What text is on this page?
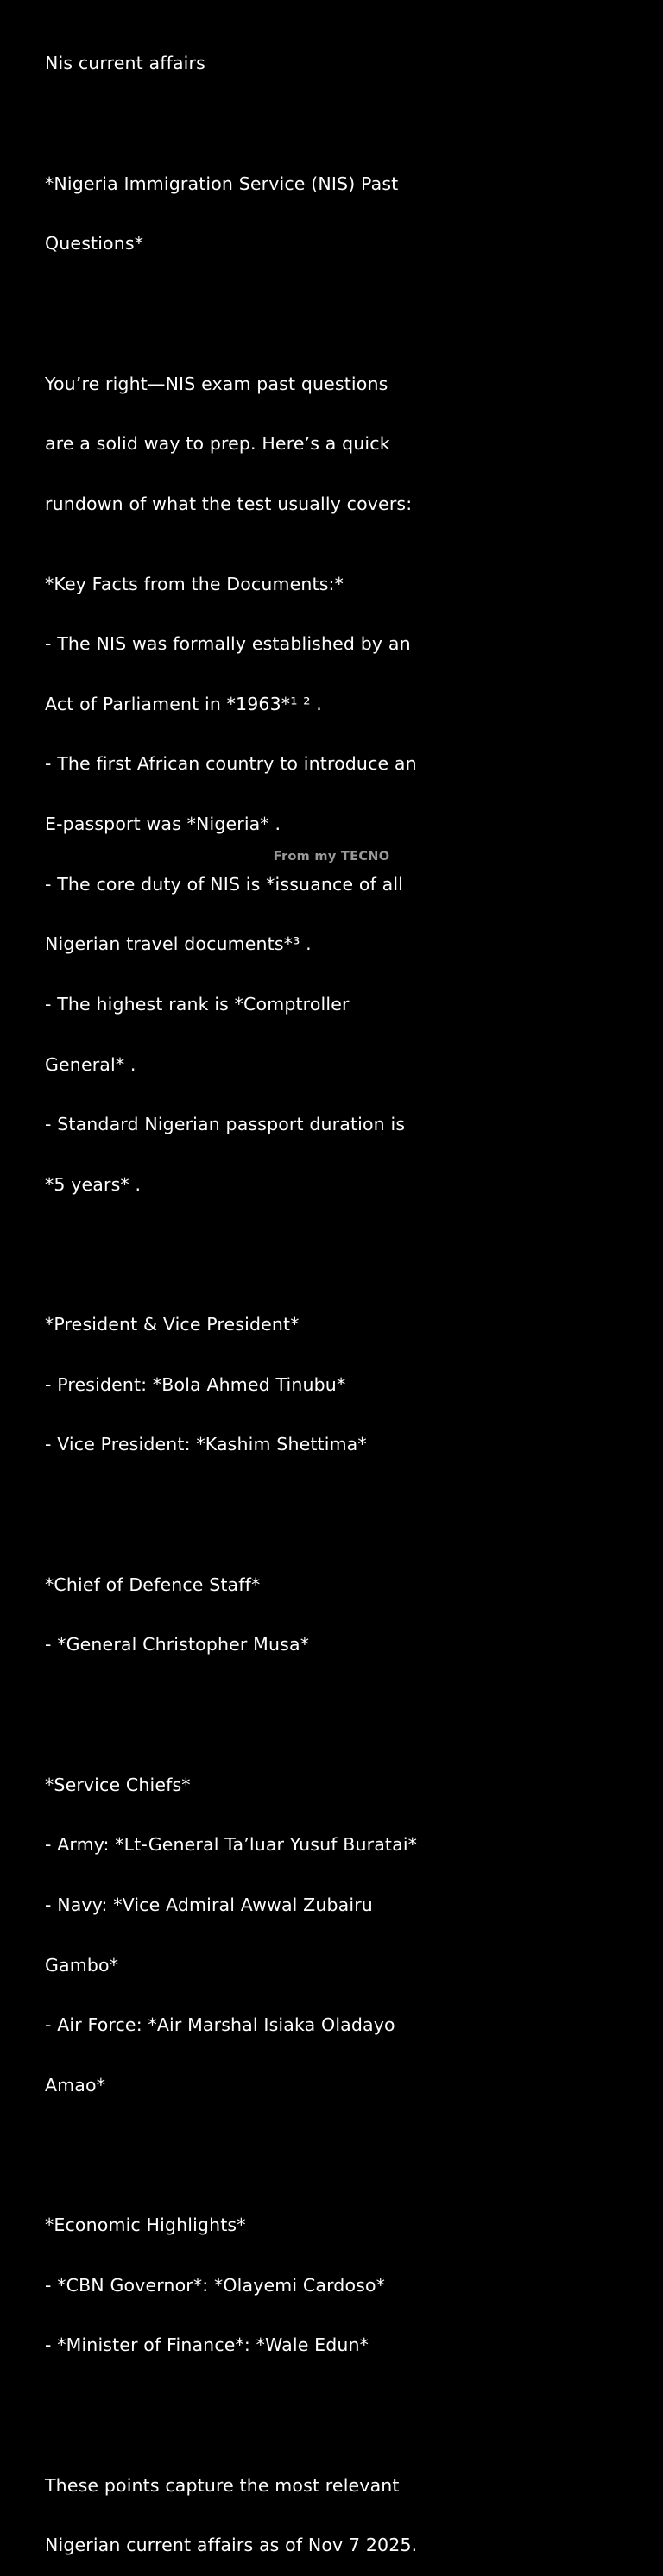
Nis current affairs

*Nigeria Immigration Service (NIS) Past

Questions*

You’re right—NIS exam past questions

are a solid way to prep. Here’s a quick

rundown of what the test usually covers:

*Key Facts from the Documents:*

- The NIS was formally established by an

Act of Parliament in *1963*¹ ² .

- The first African country to introduce an

E-passport was *Nigeria* .

- The core duty of NIS is *issuance of all

Nigerian travel documents*³ .

- The highest rank is *Comptroller

General* .

- Standard Nigerian passport duration is

*5 years* .

*President & Vice President*

- President: *Bola Ahmed Tinubu*

- Vice President: *Kashim Shettima*

*Chief of Defence Staff*

- *General Christopher Musa*

*Service Chiefs*

- Army: *Lt-General Ta’luar Yusuf Buratai*

- Navy: *Vice Admiral Awwal Zubairu

Gambo*

- Air Force: *Air Marshal Isiaka Oladayo

Amao*

*Economic Highlights*

- *CBN Governor*: *Olayemi Cardoso*

- *Minister of Finance*: *Wale Edun*

These points capture the most relevant

Nigerian current affairs as of Nov 7 2025.

From my TECNO
